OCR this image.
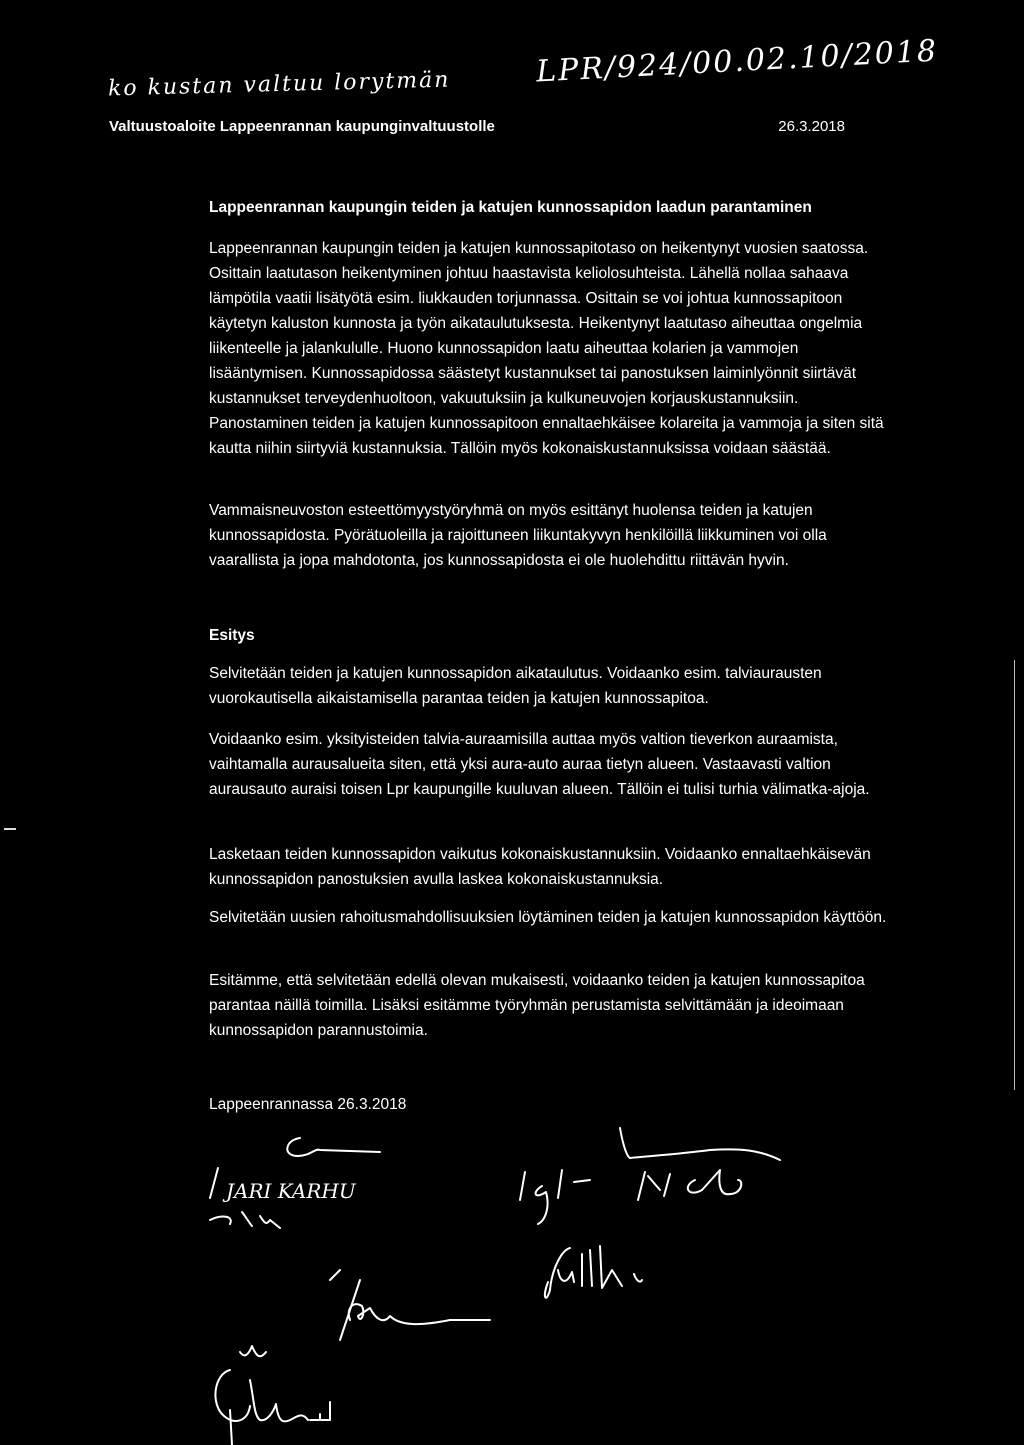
ko kustan valtuu lorytmän	LPR/924/00.02.10/2018
Valtuustoaloite Lappeenrannan kaupunginvaltuustolle	26.3.2018
Lappeenrannan kaupungin teiden ja katujen kunnossapidon laadun parantaminen
Lappeenrannan kaupungin teiden ja katujen kunnossapitotaso on heikentynyt vuosien saatossa. Osittain laatutason heikentyminen johtuu haastavista keliolosuhteista. Lähellä nollaa sahaava lämpötila vaatii lisätyötä esim. liukkauden torjunnassa. Osittain se voi johtua kunnossapitoon käytetyn kaluston kunnosta ja työn aikataulutuksesta. Heikentynyt laatutaso aiheuttaa ongelmia liikenteelle ja jalankululle. Huono kunnossapidon laatu aiheuttaa kolarien ja vammojen lisääntymisen. Kunnossapidossa säästetyt kustannukset tai panostuksen laiminlyönnit siirtävät kustannukset terveydenhuoltoon, vakuutuksiin ja kulkuneuvojen korjauskustannuksiin. Panostaminen teiden ja katujen kunnossapitoon ennaltaehkäisee kolareita ja vammoja ja siten sitä kautta niihin siirtyviä kustannuksia. Tällöin myös kokonaiskustannuksissa voidaan säästää.
Vammaisneuvoston esteettömyystyöryhmä on myös esittänyt huolensa teiden ja katujen kunnossapidosta. Pyörätuoleilla ja rajoittuneen liikuntakyvyn henkilöillä liikkuminen voi olla vaarallista ja jopa mahdotonta, jos kunnossapidosta ei ole huolehdittu riittävän hyvin.
Esitys
Selvitetään teiden ja katujen kunnossapidon aikataulutus. Voidaanko esim. talviaurausten vuorokautisella aikaistamisella parantaa teiden ja katujen kunnossapitoa.
Voidaanko esim. yksityisteiden talvia-auraamisilla auttaa myös valtion tieverkon auraamista, vaihtamalla aurausalueita siten, että yksi aura-auto auraa tietyn alueen. Vastaavasti valtion aurausauto auraisi toisen Lpr kaupungille kuuluvan alueen. Tällöin ei tulisi turhia välimatka-ajoja.
Lasketaan teiden kunnossapidon vaikutus kokonaiskustannuksiin. Voidaanko ennaltaehkäisevän kunnossapidon panostuksien avulla laskea kokonaiskustannuksia.
Selvitetään uusien rahoitusmahdollisuuksien löytäminen teiden ja katujen kunnossapidon käyttöön.
Esitämme, että selvitetään edellä olevan mukaisesti, voidaanko teiden ja katujen kunnossapitoa parantaa näillä toimilla. Lisäksi esitämme työryhmän perustamista selvittämään ja ideoimaan kunnossapidon parannustoimia.
Lappeenrannassa 26.3.2018
JARI KARHU
